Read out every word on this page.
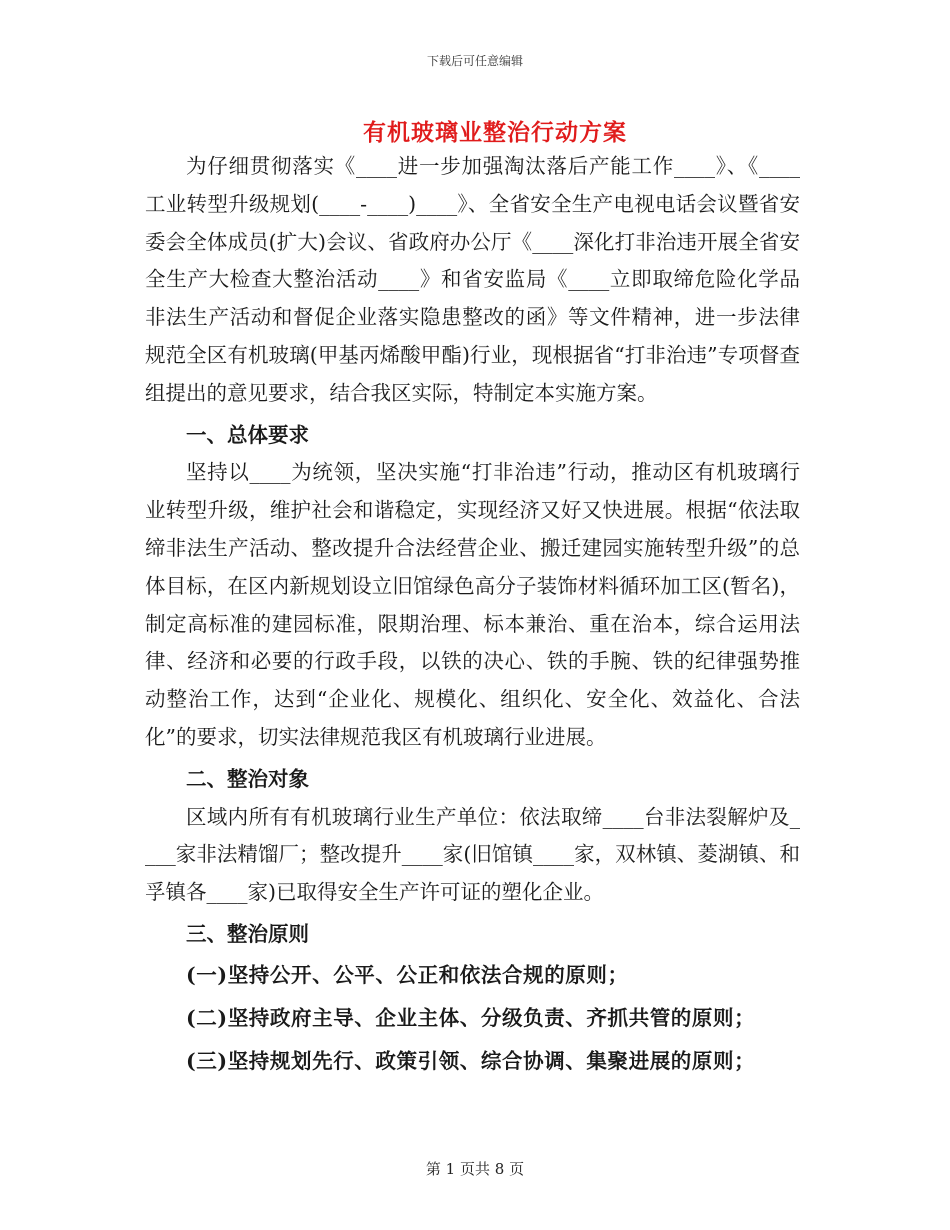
下载后可任意编辑
有机玻璃业整治行动方案

为仔细贯彻落实《____进一步加强淘汰落后产能工作____》、《____工业转型升级规划(____-____)____》、全省安全生产电视电话会议暨省安委会全体成员(扩大)会议、省政府办公厅《____深化打非治违开展全省安全生产大检查大整治活动____》和省安监局《____立即取缔危险化学品非法生产活动和督促企业落实隐患整改的函》等文件精神，进一步法律规范全区有机玻璃(甲基丙烯酸甲酯)行业，现根据省“打非治违”专项督查组提出的意见要求，结合我区实际，特制定本实施方案。

一、总体要求

坚持以____为统领，坚决实施“打非治违”行动，推动区有机玻璃行业转型升级，维护社会和谐稳定，实现经济又好又快进展。根据“依法取缔非法生产活动、整改提升合法经营企业、搬迁建园实施转型升级”的总体目标，在区内新规划设立旧馆绿色高分子装饰材料循环加工区(暂名)，制定高标准的建园标准，限期治理、标本兼治、重在治本，综合运用法律、经济和必要的行政手段，以铁的决心、铁的手腕、铁的纪律强势推动整治工作，达到“企业化、规模化、组织化、安全化、效益化、合法化”的要求，切实法律规范我区有机玻璃行业进展。

二、整治对象

区域内所有有机玻璃行业生产单位：依法取缔____台非法裂解炉及____家非法精馏厂；整改提升____家(旧馆镇____家，双林镇、菱湖镇、和孚镇各____家)已取得安全生产许可证的塑化企业。

三、整治原则

(一)坚持公开、公平、公正和依法合规的原则；

(二)坚持政府主导、企业主体、分级负责、齐抓共管的原则；

(三)坚持规划先行、政策引领、综合协调、集聚进展的原则；

第 1 页共 8 页
